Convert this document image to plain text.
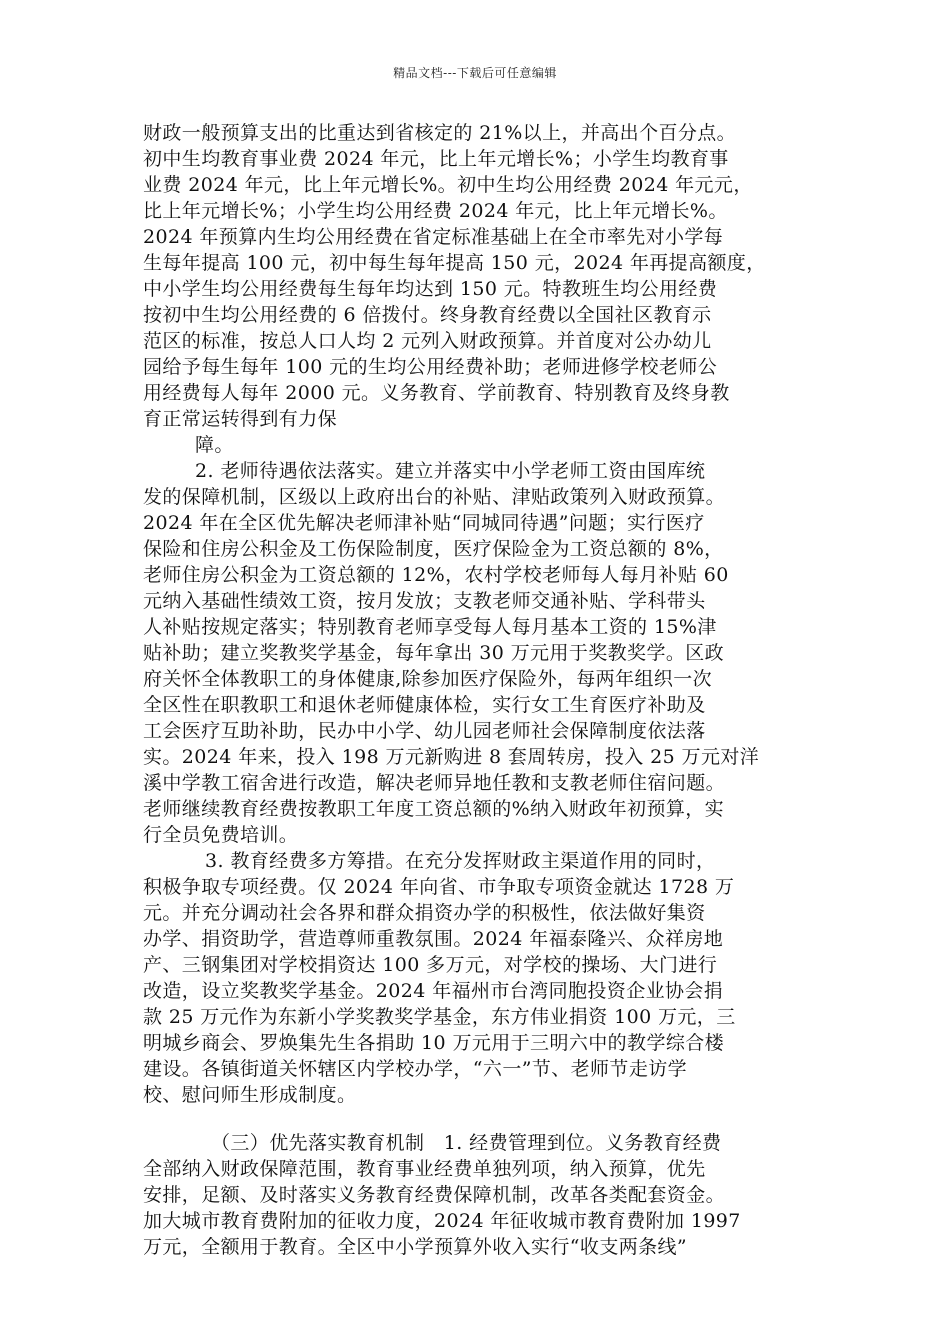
精品文档---下载后可任意编辑
财政一般预算支出的比重达到省核定的 21%以上，并高出个百分点。
初中生均教育事业费 2024 年元，比上年元增长%；小学生均教育事
业费 2024 年元，比上年元增长%。初中生均公用经费 2024 年元元，
比上年元增长%；小学生均公用经费 2024 年元，比上年元增长%。
2024 年预算内生均公用经费在省定标准基础上在全市率先对小学每
生每年提高 100 元，初中每生每年提高 150 元，2024 年再提高额度，
中小学生均公用经费每生每年均达到 150 元。特教班生均公用经费
按初中生均公用经费的 6 倍拨付。终身教育经费以全国社区教育示
范区的标准，按总人口人均 2 元列入财政预算。并首度对公办幼儿
园给予每生每年 100 元的生均公用经费补助；老师进修学校老师公
用经费每人每年 2000 元。义务教育、学前教育、特别教育及终身教
育正常运转得到有力保
障。
2. 老师待遇依法落实。建立并落实中小学老师工资由国库统
发的保障机制，区级以上政府出台的补贴、津贴政策列入财政预算。
2024 年在全区优先解决老师津补贴“同城同待遇”问题；实行医疗
保险和住房公积金及工伤保险制度，医疗保险金为工资总额的 8%，
老师住房公积金为工资总额的 12%，农村学校老师每人每月补贴 60
元纳入基础性绩效工资，按月发放；支教老师交通补贴、学科带头
人补贴按规定落实；特别教育老师享受每人每月基本工资的 15%津
贴补助；建立奖教奖学基金，每年拿出 30 万元用于奖教奖学。区政
府关怀全体教职工的身体健康,除参加医疗保险外，每两年组织一次
全区性在职教职工和退休老师健康体检，实行女工生育医疗补助及
工会医疗互助补助，民办中小学、幼儿园老师社会保障制度依法落
实。2024 年来，投入 198 万元新购进 8 套周转房，投入 25 万元对洋
溪中学教工宿舍进行改造，解决老师异地任教和支教老师住宿问题。
老师继续教育经费按教职工年度工资总额的%纳入财政年初预算，实
行全员免费培训。
3. 教育经费多方筹措。在充分发挥财政主渠道作用的同时，
积极争取专项经费。仅 2024 年向省、市争取专项资金就达 1728 万
元。并充分调动社会各界和群众捐资办学的积极性，依法做好集资
办学、捐资助学，营造尊师重教氛围。2024 年福泰隆兴、众祥房地
产、三钢集团对学校捐资达 100 多万元，对学校的操场、大门进行
改造，设立奖教奖学基金。2024 年福州市台湾同胞投资企业协会捐
款 25 万元作为东新小学奖教奖学基金，东方伟业捐资 100 万元，三
明城乡商会、罗焕集先生各捐助 10 万元用于三明六中的教学综合楼
建设。各镇街道关怀辖区内学校办学，“六一”节、老师节走访学
校、慰问师生形成制度。
（三）优先落实教育机制　1. 经费管理到位。义务教育经费
全部纳入财政保障范围，教育事业经费单独列项，纳入预算，优先
安排，足额、及时落实义务教育经费保障机制，改革各类配套资金。
加大城市教育费附加的征收力度，2024 年征收城市教育费附加 1997
万元，全额用于教育。全区中小学预算外收入实行“收支两条线”
